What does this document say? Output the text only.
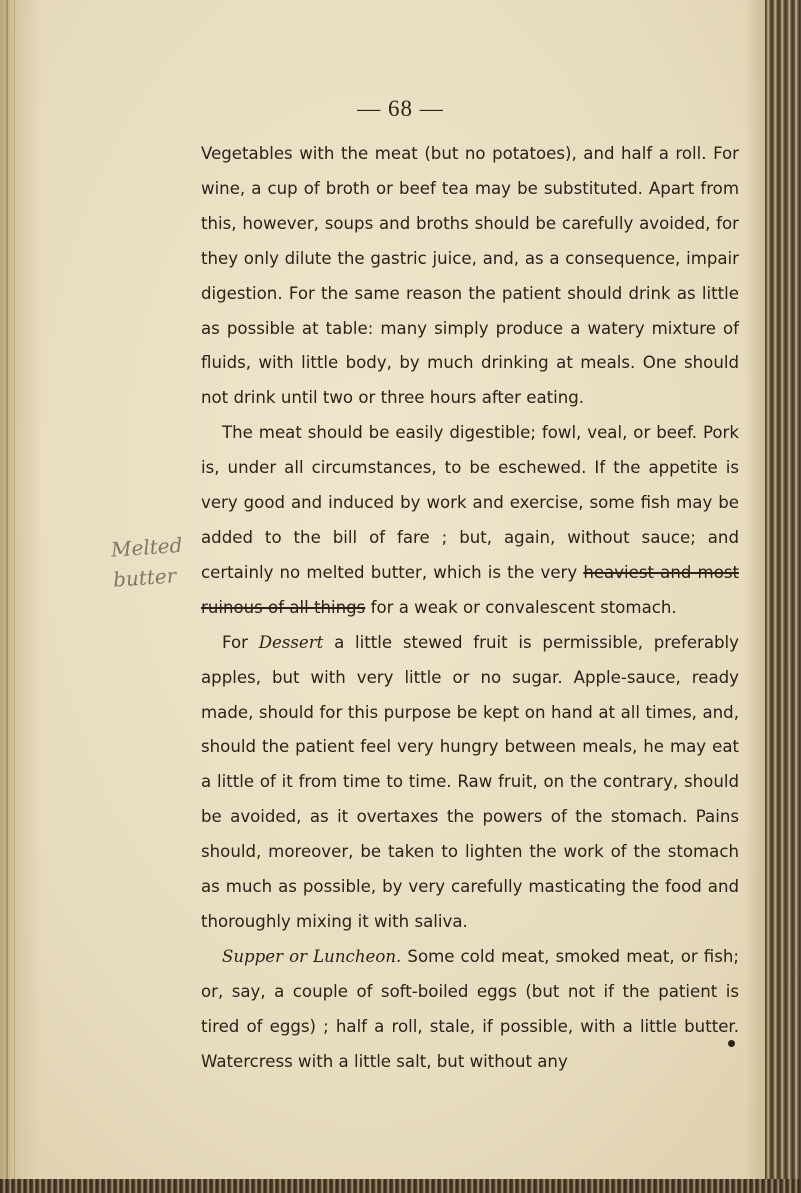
— 68 —
Melted
butter

Vegetables with the meat (but no potatoes), and half a roll. For wine, a cup of broth or beef tea may be substituted. Apart from this, however, soups and broths should be carefully avoided, for they only dilute the gastric juice, and, as a consequence, impair digestion. For the same reason the patient should drink as little as possible at table: many simply produce a watery mixture of fluids, with little body, by much drinking at meals. One should not drink until two or three hours after eating.

The meat should be easily digestible; fowl, veal, or beef. Pork is, under all circumstances, to be eschewed. If the appetite is very good and induced by work and exercise, some fish may be added to the bill of fare ; but, again, without sauce; and certainly no melted butter, which is the very heaviest and most ruinous of all things for a weak or convalescent stomach.

For Dessert a little stewed fruit is permissible, preferably apples, but with very little or no sugar. Apple-sauce, ready made, should for this purpose be kept on hand at all times, and, should the patient feel very hungry between meals, he may eat a little of it from time to time. Raw fruit, on the contrary, should be avoided, as it overtaxes the powers of the stomach. Pains should, moreover, be taken to lighten the work of the stomach as much as possible, by very carefully masticating the food and thoroughly mixing it with saliva.

Supper or Luncheon. Some cold meat, smoked meat, or fish; or, say, a couple of soft-boiled eggs (but not if the patient is tired of eggs) ; half a roll, stale, if possible, with a little butter. Watercress with a little salt, but without any
